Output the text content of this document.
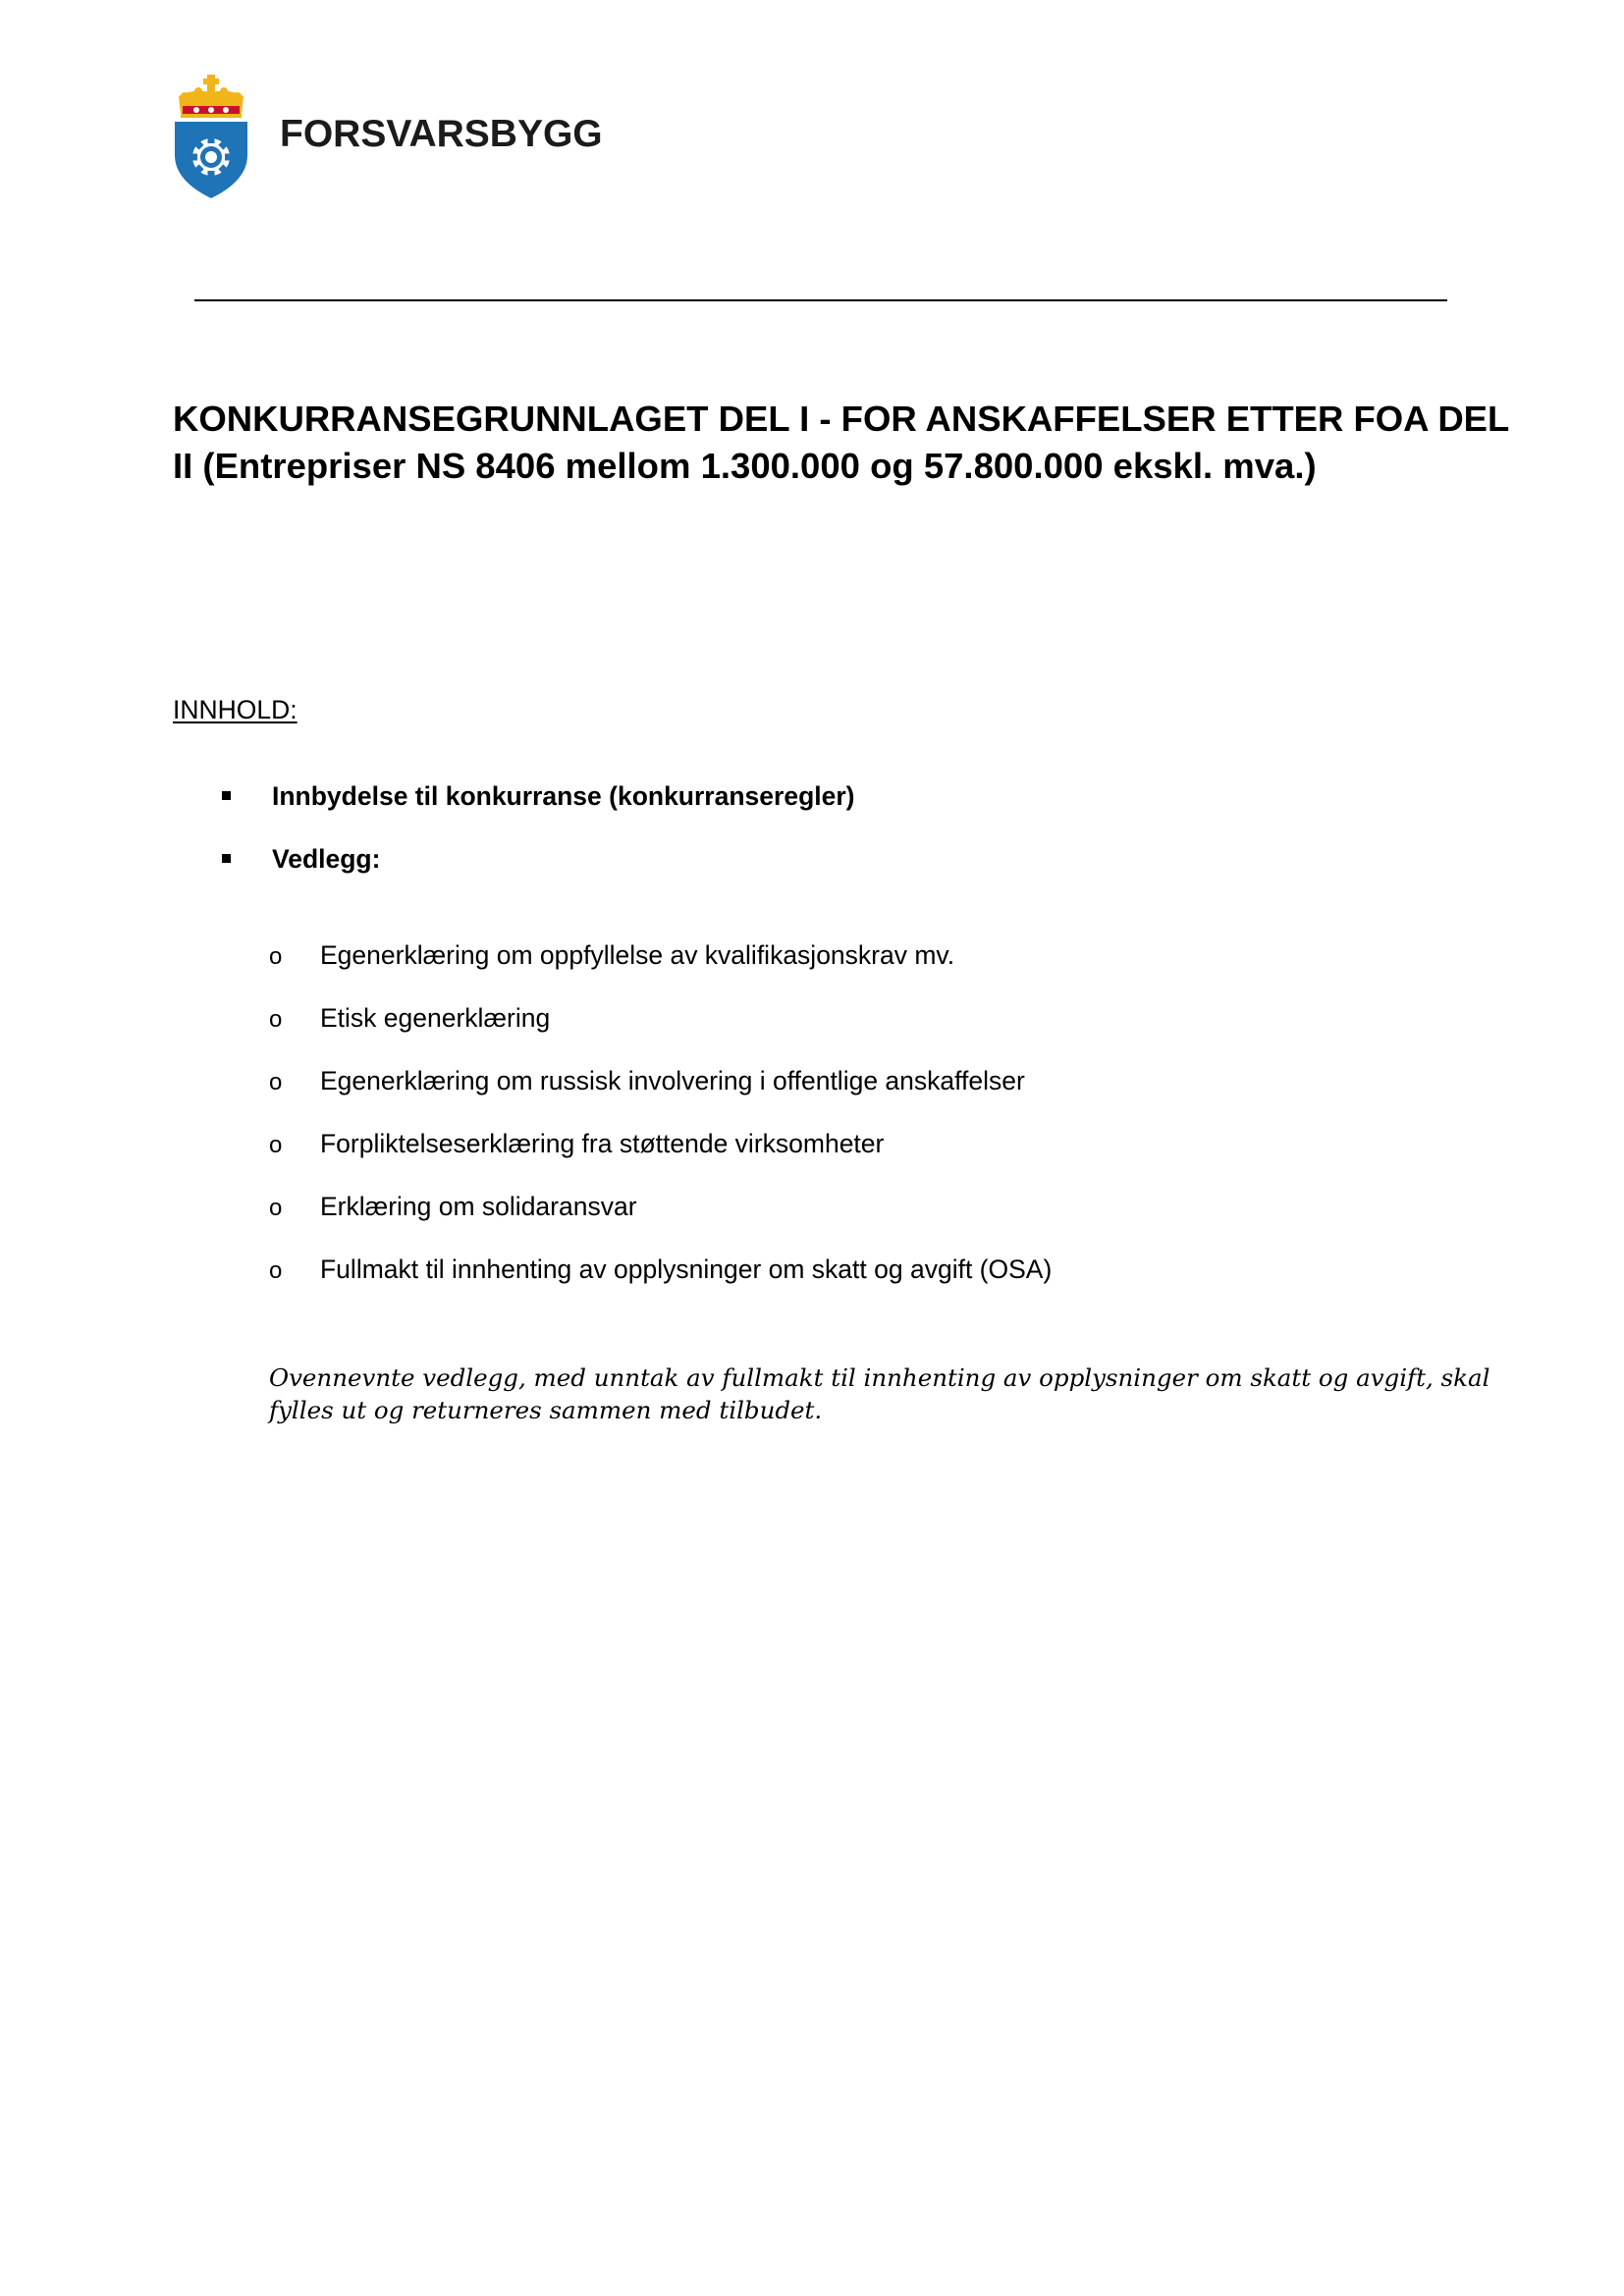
FORSVARSBYGG
KONKURRANSEGRUNNLAGET DEL I - FOR ANSKAFFELSER ETTER FOA DEL II (Entrepriser NS 8406 mellom 1.300.000 og 57.800.000 ekskl. mva.)
INNHOLD:
Innbydelse til konkurranse (konkurranseregler)
Vedlegg:
o	Egenerklæring om oppfyllelse av kvalifikasjonskrav mv.
o	Etisk egenerklæring
o	Egenerklæring om russisk involvering i offentlige anskaffelser
o	Forpliktelseserklæring fra støttende virksomheter
o	Erklæring om solidaransvar
o	Fullmakt til innhenting av opplysninger om skatt og avgift (OSA)

Ovennevnte vedlegg, med unntak av fullmakt til innhenting av opplysninger om skatt og avgift, skal fylles ut og returneres sammen med tilbudet.
